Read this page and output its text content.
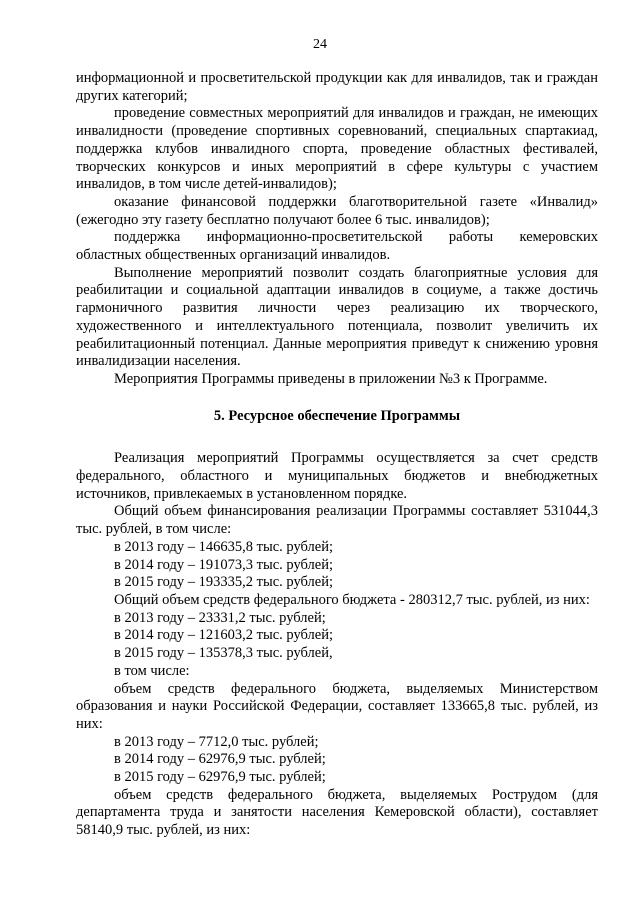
24

информационной и просветительской продукции как для инвалидов, так и граждан других категорий;

проведение совместных мероприятий для инвалидов и граждан, не имеющих инвалидности (проведение спортивных соревнований, специальных спартакиад, поддержка клубов инвалидного спорта, проведение областных фестивалей, творческих конкурсов и иных мероприятий в сфере культуры с участием инвалидов, в том числе детей-инвалидов);

оказание финансовой поддержки благотворительной газете «Инвалид» (ежегодно эту газету бесплатно получают более 6 тыс. инвалидов);

поддержка информационно-просветительской работы кемеровских областных общественных организаций инвалидов.

Выполнение мероприятий позволит создать благоприятные условия для реабилитации и социальной адаптации инвалидов в социуме, а также достичь гармоничного развития личности через реализацию их творческого, художественного и интеллектуального потенциала, позволит увеличить их реабилитационный потенциал. Данные мероприятия приведут к снижению уровня инвалидизации населения.

Мероприятия Программы приведены в приложении №3 к Программе.

5. Ресурсное обеспечение Программы

Реализация мероприятий Программы осуществляется за счет средств федерального, областного и муниципальных бюджетов и внебюджетных источников, привлекаемых в установленном порядке.

Общий объем финансирования реализации Программы составляет 531044,3 тыс. рублей, в том числе:

в 2013 году – 146635,8 тыс. рублей;

в 2014 году – 191073,3 тыс. рублей;

в 2015 году – 193335,2 тыс. рублей;

Общий объем средств федерального бюджета - 280312,7 тыс. рублей, из них:

в 2013 году – 23331,2 тыс. рублей;

в 2014 году – 121603,2 тыс. рублей;

в 2015 году – 135378,3 тыс. рублей,

в том числе:

объем средств федерального бюджета, выделяемых Министерством образования и науки Российской Федерации, составляет 133665,8 тыс. рублей, из них:

в 2013 году – 7712,0 тыс. рублей;

в 2014 году – 62976,9 тыс. рублей;

в 2015 году – 62976,9 тыс. рублей;

объем средств федерального бюджета, выделяемых Рострудом (для департамента труда и занятости населения Кемеровской области), составляет 58140,9 тыс. рублей, из них:
